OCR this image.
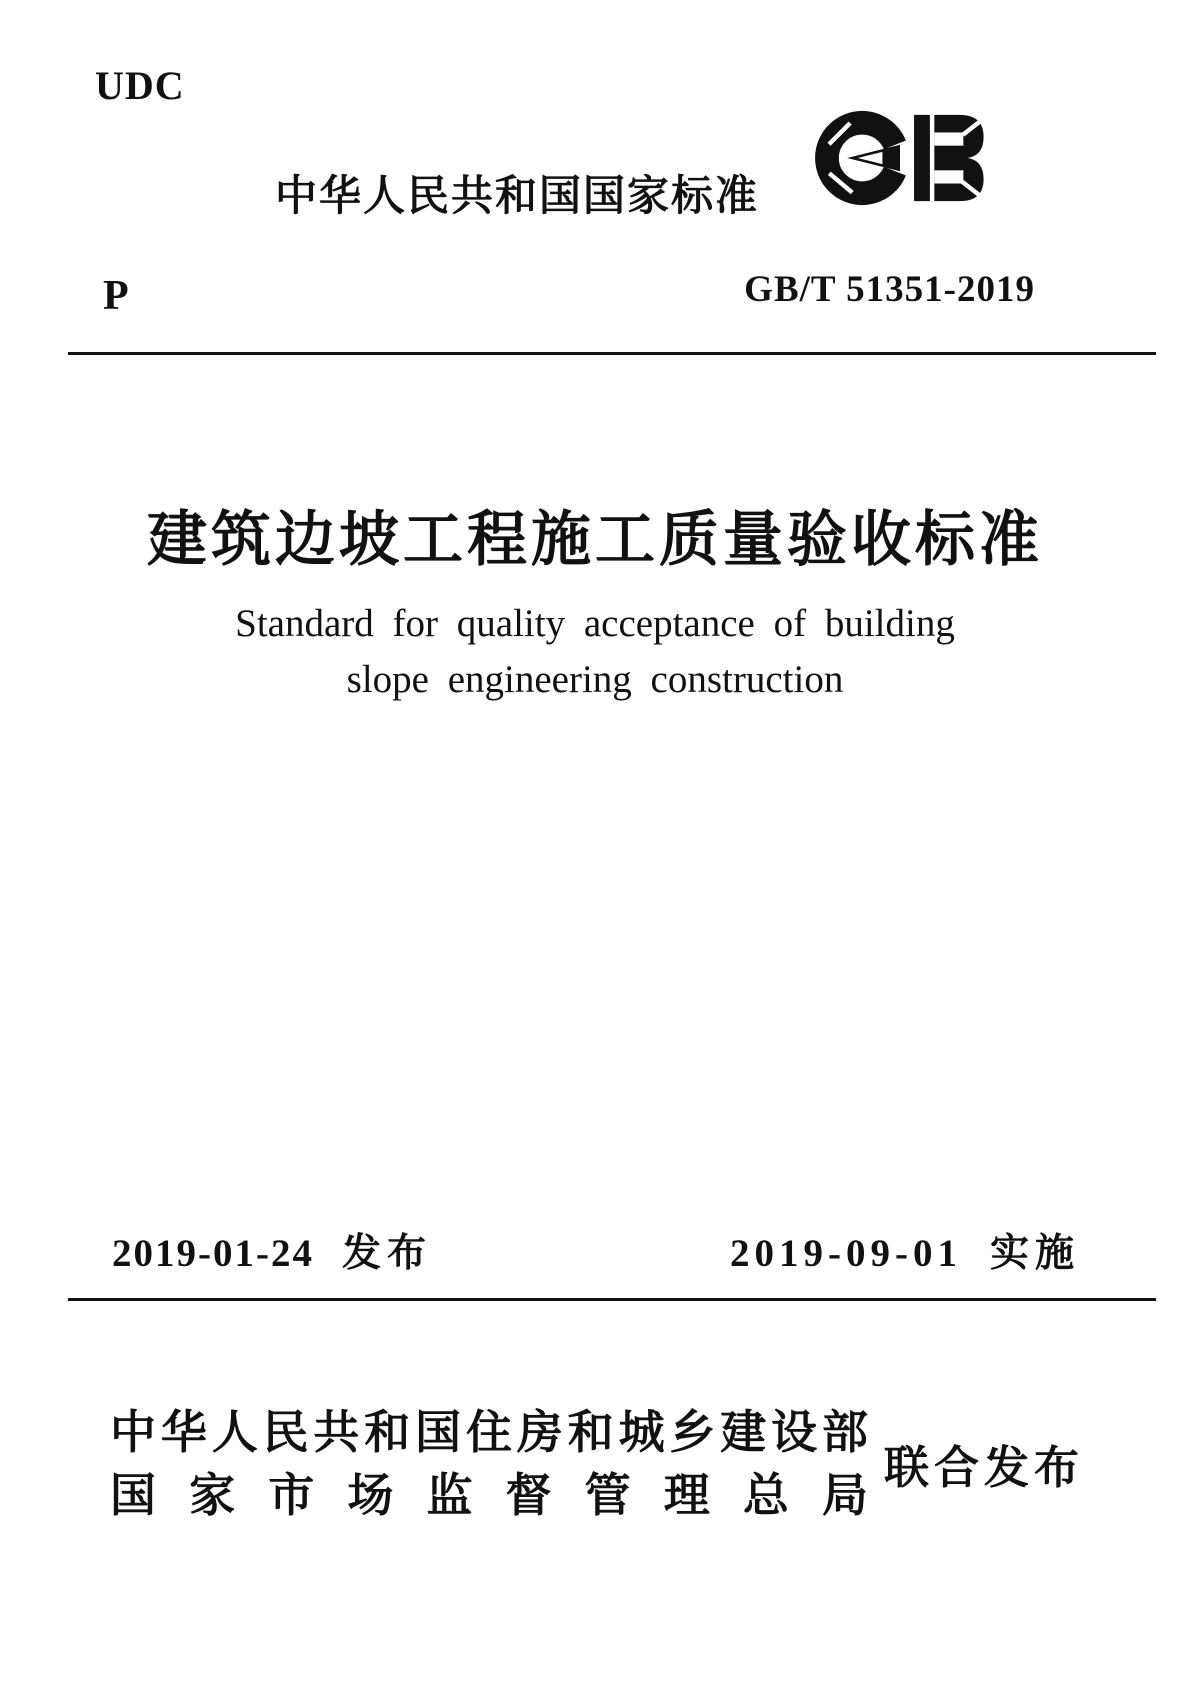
UDC
中华人民共和国国家标准
P	GB/T 51351-2019
建筑边坡工程施工质量验收标准
Standard for quality acceptance of building
slope engineering construction
2019-01-24 发布	2019-09-01 实施
中华人民共和国住房和城乡建设部
国家市场监督管理总局
联合发布
